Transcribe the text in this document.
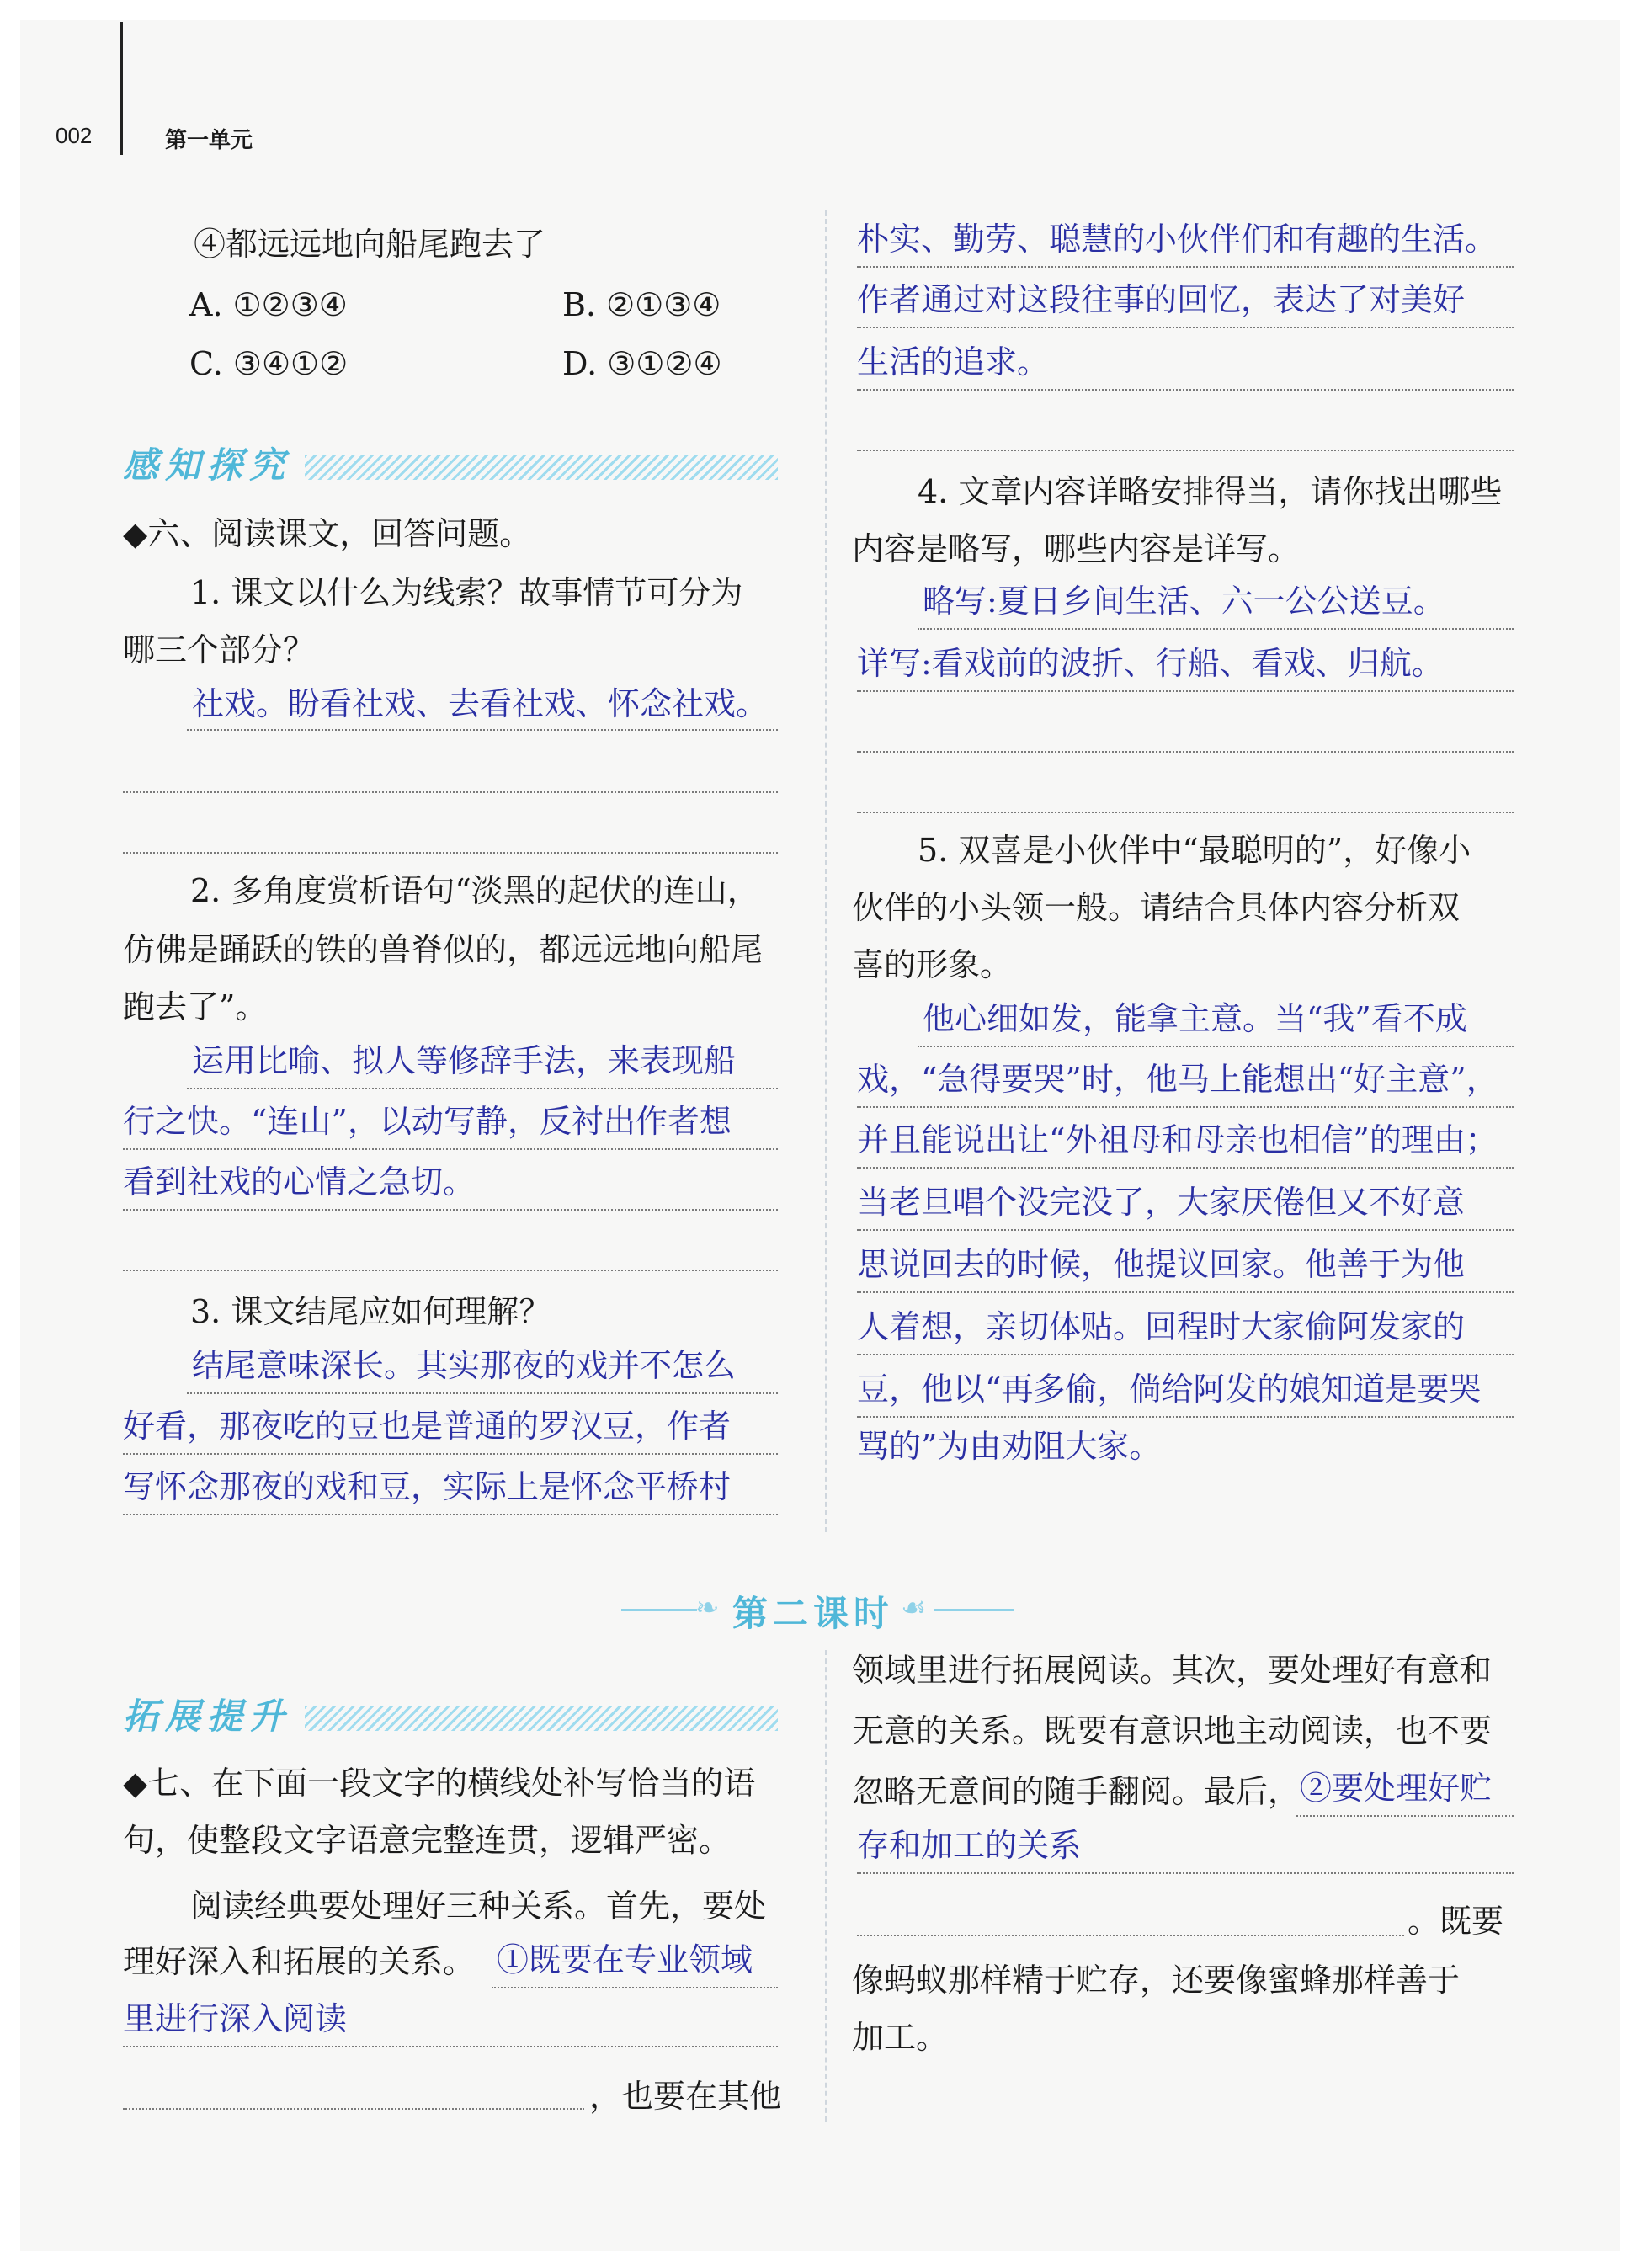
002	第一单元
④都远远地向船尾跑去了
A. ①②③④	B. ②①③④
C. ③④①②	D. ③①②④
感知探究
◆六、阅读课文，回答问题。
1. 课文以什么为线索？故事情节可分为
哪三个部分？
社戏。盼看社戏、去看社戏、怀念社戏。
2. 多角度赏析语句“淡黑的起伏的连山，
仿佛是踊跃的铁的兽脊似的，都远远地向船尾
跑去了”。
运用比喻、拟人等修辞手法，来表现船
行之快。“连山”，以动写静，反衬出作者想
看到社戏的心情之急切。
3. 课文结尾应如何理解？
结尾意味深长。其实那夜的戏并不怎么
好看，那夜吃的豆也是普通的罗汉豆，作者
写怀念那夜的戏和豆，实际上是怀念平桥村
朴实、勤劳、聪慧的小伙伴们和有趣的生活。
作者通过对这段往事的回忆，表达了对美好
生活的追求。
4. 文章内容详略安排得当，请你找出哪些
内容是略写，哪些内容是详写。
略写:夏日乡间生活、六一公公送豆。
详写:看戏前的波折、行船、看戏、归航。
5. 双喜是小伙伴中“最聪明的”，好像小
伙伴的小头领一般。请结合具体内容分析双
喜的形象。
他心细如发，能拿主意。当“我”看不成
戏，“急得要哭”时，他马上能想出“好主意”，
并且能说出让“外祖母和母亲也相信”的理由；
当老旦唱个没完没了，大家厌倦但又不好意
思说回去的时候，他提议回家。他善于为他
人着想，亲切体贴。回程时大家偷阿发家的
豆，他以“再多偷，倘给阿发的娘知道是要哭
骂的”为由劝阻大家。
❧ 第二课时 ☙
拓展提升
◆七、在下面一段文字的横线处补写恰当的语
句，使整段文字语意完整连贯，逻辑严密。
阅读经典要处理好三种关系。首先，要处
理好深入和拓展的关系。 ①既要在专业领域
里进行深入阅读
，也要在其他
领域里进行拓展阅读。其次，要处理好有意和
无意的关系。既要有意识地主动阅读，也不要
忽略无意间的随手翻阅。最后， ②要处理好贮
存和加工的关系
。既要
像蚂蚁那样精于贮存，还要像蜜蜂那样善于
加工。
